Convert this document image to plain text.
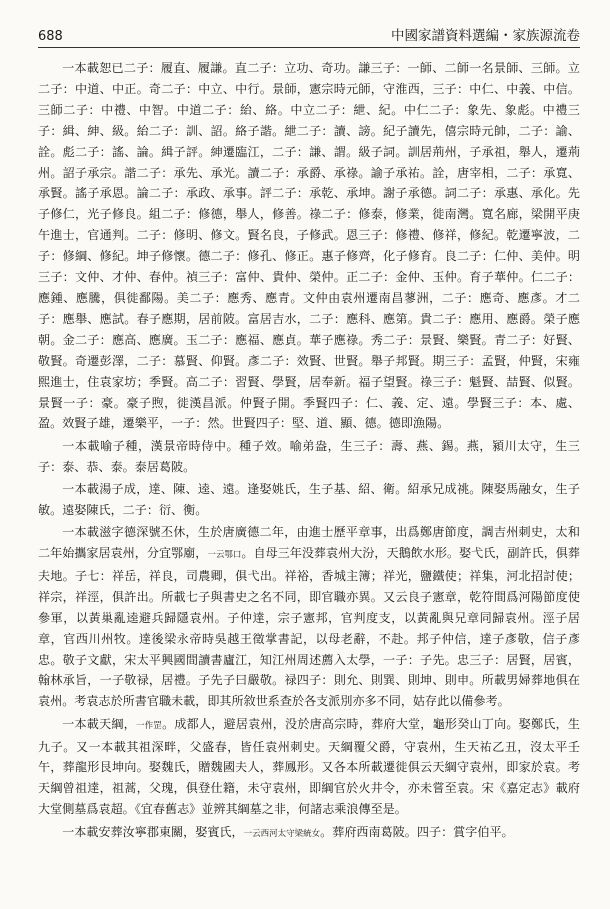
688	中國家譜資料選編・家族源流卷

一本載恕已二子：履直、履謙。直二子：立功、奇功。謙三子：一師、二師一名景師、三師。立二子：中道、中正。奇二子：中立、中行。景師，憲宗時元師，守淮西，三子：中仁、中義、中信。三師二子：中禮、中智。中道二子：紿、絡。中立二子：紲、紀。中仁二子：象先、象彪。中禮三子：緝、紳、級。紿二子：訓、詔。絡子諧。紲二子：讀、謗。紀子讀先，僖宗時元帥，二子：諭、詮。彪二子：謠、論。緝子評。紳遷臨江，二子：謙、謂。級子詞。訓居荊州，子承祖，舉人，遷荊州。詔子承宗。諧二子：承先、承光。讀二子：承爵、承祿。諭子承祐。詮，唐宰相，二子：承寬、承賢。謠子承恩。論二子：承政、承事。評二子：承乾、承坤。謝子承德。詞二子：承惠、承化。先子修仁，光子修良。組二子：修德，舉人，修善。祿二子：修泰，修業，徙南灣。寬名廊，梁開平庚午進士，官通判。二子：修明、修文。賢名良，子修武。恩三子：修禮、修祥，修紀。乾遷寧波，二子：修綱、修紀。坤子修懷。德二子：修孔、修正。惠子修齊，化子修育。良二子：仁仲、美仲。明三子：文仲、才仲、春仲。禎三子：富仲、貴仲、榮仲。正二子：金仲、玉仲。育子華仲。仁二子：應鍾、應騰，俱徙鄱陽。美二子：應秀、應青。文仲由袁州遷南昌蓼洲，二子：應奇、應彥。才二子：應舉、應試。春子應期，居前陂。富居吉水，二子：應科、應第。貴二子：應用、應爵。榮子應朝。金二子：應高、應廣。玉二子：應福、應貞。華子應祿。秀二子：景賢、樂賢。青二子：好賢、敬賢。奇遷彭澤，二子：慕賢、仰賢。彥二子：效賢、世賢。舉子邦賢。期三子：孟賢，仲賢，宋雍熙進士，住袁家坊；季賢。高二子：習賢、學賢，居奉新。福子望賢。祿三子：魁賢、喆賢、似賢。景賢一子：豪。豪子煦，徙漢昌派。仲賢子開。季賢四子：仁、義、定、遠。學賢三子：本、處、盈。效賢子雄，遷樂平，一子：然。世賢四子：堅、道、顯、德。德即漁陽。

一本載喻子種，漢景帝時侍中。種子效。喻弟盎，生三子：壽、燕、錫。燕，潁川太守，生三子：泰、恭、泰。泰居葛陂。

一本載湯子成，達、陳、逵、遠。逢娶姚氏，生子基、紹、衛。紹承兄成祧。陳娶馬融女，生子敏。遠娶陳氏，二子：衍、衡。

一本載滋字德深號丕休，生於唐廣德二年，由進士歷平章事，出爲鄭唐節度，調吉州刺史，太和二年始攜家居袁州，分宜鄂廟，一云鄂口。自母三年没葬袁州大汾，天鵝飲水形。娶弋氏，副許氏，俱葬夫地。子七：祥岳，祥良，司農卿，俱弋出。祥裕，香城主簿；祥光，鹽鐵使；祥集，河北招討使；祥宗，祥涇，俱許出。所載七子與書史之名不同，即官職亦異。又云良子憲章，乾符間爲河陽節度使參軍，以黃巢亂逵避兵歸隱袁州。子仲達，宗子憲邦，官判度支，以黃亂與兄章同歸袁州。涇子居章，官西川州牧。達後梁永帝時吳越王徵掌書記，以母老辭，不赴。邦子仲信，達子彥敬，信子彥忠。敬子文獻，宋太平興國間讀書廬江，知江州周述薦入太學，一子：子先。忠三子：居賢，居賓，翰林承旨，一子敬禄，居禮。子先子曰嚴敬。禄四子：則允、則巽、則坤、則申。所載男婦葬地俱在袁州。考袁志於所書官職未載，即其所敘世系查於各支派別亦多不同，姑存此以備參考。

一本載天綱，一作罡。成都人，避居袁州，没於唐高宗時，葬府大堂，龜形癸山丁向。娶鄭氏，生九子。又一本載其祖深畔，父盛春，皆任袁州刺史。天綱覆父爵，守袁州，生天祐乙丑，沒太平壬午，葬龍形艮坤向。娶魏氏，贈魏國夫人，葬鳳形。又各本所載遷徙俱云天綱守袁州，即家於袁。考天綱曾祖達，祖蒿，父瑰，俱登仕籍，未守袁州，即綱官於火井令，亦未嘗至袁。宋《嘉定志》載府大堂側墓爲袁超。《宜春舊志》並辨其綱墓之非，何諸志乘浪傳至是。

一本載安葬汝寧郡東關，娶賓氏，一云西河太守梁統女。葬府西南葛陂。四子：賞字伯平。
